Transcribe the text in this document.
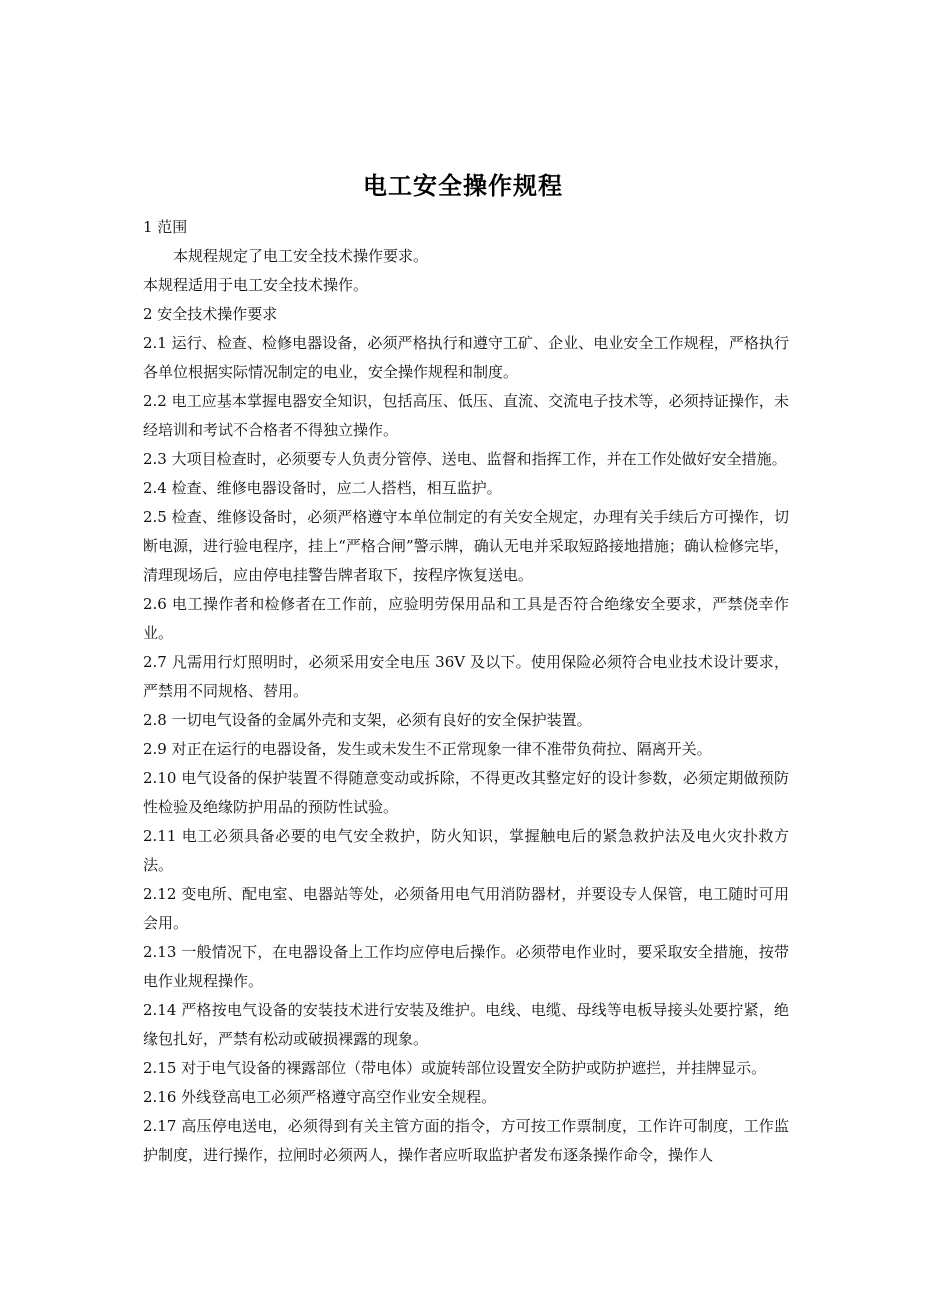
电工安全操作规程

1 范围

本规程规定了电工安全技术操作要求。

本规程适用于电工安全技术操作。

2 安全技术操作要求

2.1 运行、检查、检修电器设备，必须严格执行和遵守工矿、企业、电业安全工作规程，严格执行各单位根据实际情况制定的电业，安全操作规程和制度。

2.2 电工应基本掌握电器安全知识，包括高压、低压、直流、交流电子技术等，必须持证操作，未经培训和考试不合格者不得独立操作。

2.3 大项目检查时，必须要专人负责分管停、送电、监督和指挥工作，并在工作处做好安全措施。

2.4 检查、维修电器设备时，应二人搭档，相互监护。

2.5 检查、维修设备时，必须严格遵守本单位制定的有关安全规定，办理有关手续后方可操作，切断电源，进行验电程序，挂上“严格合闸”警示牌，确认无电并采取短路接地措施；确认检修完毕，清理现场后，应由停电挂警告牌者取下，按程序恢复送电。

2.6 电工操作者和检修者在工作前，应验明劳保用品和工具是否符合绝缘安全要求，严禁侥幸作业。

2.7 凡需用行灯照明时，必须采用安全电压 36V 及以下。使用保险必须符合电业技术设计要求，严禁用不同规格、替用。

2.8 一切电气设备的金属外壳和支架，必须有良好的安全保护装置。

2.9 对正在运行的电器设备，发生或未发生不正常现象一律不准带负荷拉、隔离开关。

2.10 电气设备的保护装置不得随意变动或拆除，不得更改其整定好的设计参数，必须定期做预防性检验及绝缘防护用品的预防性试验。

2.11 电工必须具备必要的电气安全救护，防火知识，掌握触电后的紧急救护法及电火灾扑救方法。

2.12 变电所、配电室、电器站等处，必须备用电气用消防器材，并要设专人保管，电工随时可用会用。

2.13 一般情况下，在电器设备上工作均应停电后操作。必须带电作业时，要采取安全措施，按带电作业规程操作。

2.14 严格按电气设备的安装技术进行安装及维护。电线、电缆、母线等电板导接头处要拧紧，绝缘包扎好，严禁有松动或破损裸露的现象。

2.15 对于电气设备的裸露部位（带电体）或旋转部位设置安全防护或防护遮拦，并挂牌显示。

2.16 外线登高电工必须严格遵守高空作业安全规程。

2.17 高压停电送电，必须得到有关主管方面的指令，方可按工作票制度，工作许可制度，工作监护制度，进行操作，拉闸时必须两人，操作者应听取监护者发布逐条操作命令，操作人
